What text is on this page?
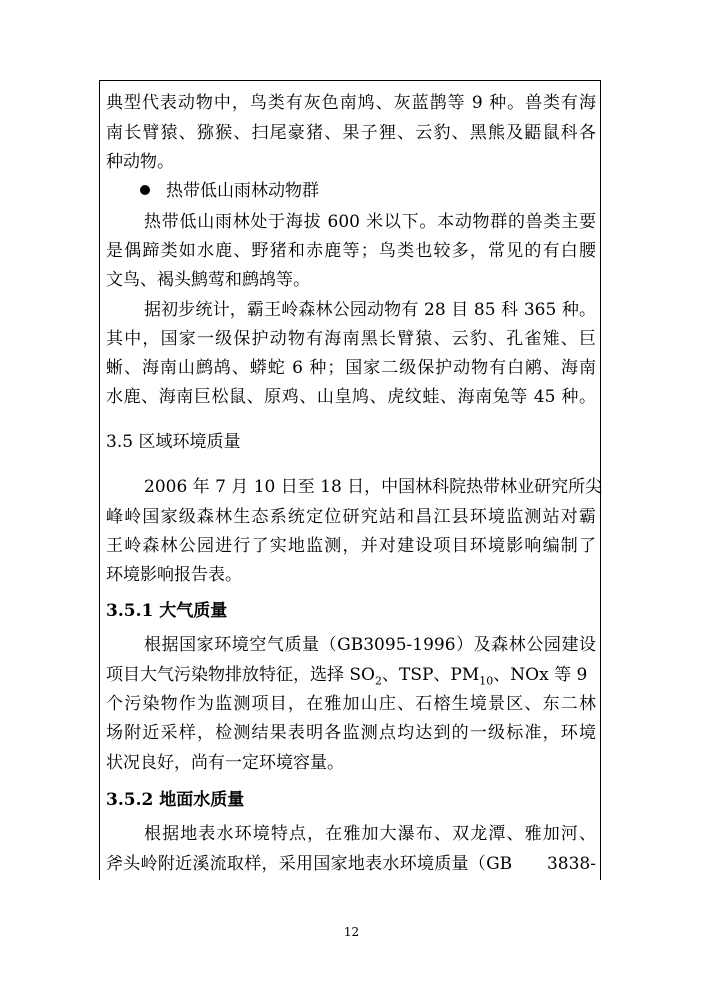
典型代表动物中，鸟类有灰色南鸠、灰蓝鹊等 9 种。兽类有海
南长臂猿、猕猴、扫尾豪猪、果子狸、云豹、黑熊及鼯鼠科各
种动物。
热带低山雨林动物群
热带低山雨林处于海拔 600 米以下。本动物群的兽类主要
是偶蹄类如水鹿、野猪和赤鹿等；鸟类也较多，常见的有白腰
文鸟、褐头鹪莺和鹧鸪等。
据初步统计，霸王岭森林公园动物有 28 目 85 科 365 种。
其中，国家一级保护动物有海南黑长臂猿、云豹、孔雀雉、巨
蜥、海南山鹧鸪、蟒蛇 6 种；国家二级保护动物有白鹇、海南
水鹿、海南巨松鼠、原鸡、山皇鸠、虎纹蛙、海南兔等 45 种。
3.5 区域环境质量
2006 年 7 月 10 日至 18 日，中国林科院热带林业研究所尖
峰岭国家级森林生态系统定位研究站和昌江县环境监测站对霸
王岭森林公园进行了实地监测，并对建设项目环境影响编制了
环境影响报告表。
3.5.1 大气质量
根据国家环境空气质量（GB3095-1996）及森林公园建设
项目大气污染物排放特征，选择 $SO_2$、TSP、$PM_{10}$、NOx 等 9
个污染物作为监测项目，在雅加山庄、石榕生境景区、东二林
场附近采样，检测结果表明各监测点均达到的一级标准，环境
状况良好，尚有一定环境容量。
3.5.2 地面水质量
根据地表水环境特点，在雅加大瀑布、双龙潭、雅加河、
斧头岭附近溪流取样，采用国家地表水环境质量（GB　　3838-
12
